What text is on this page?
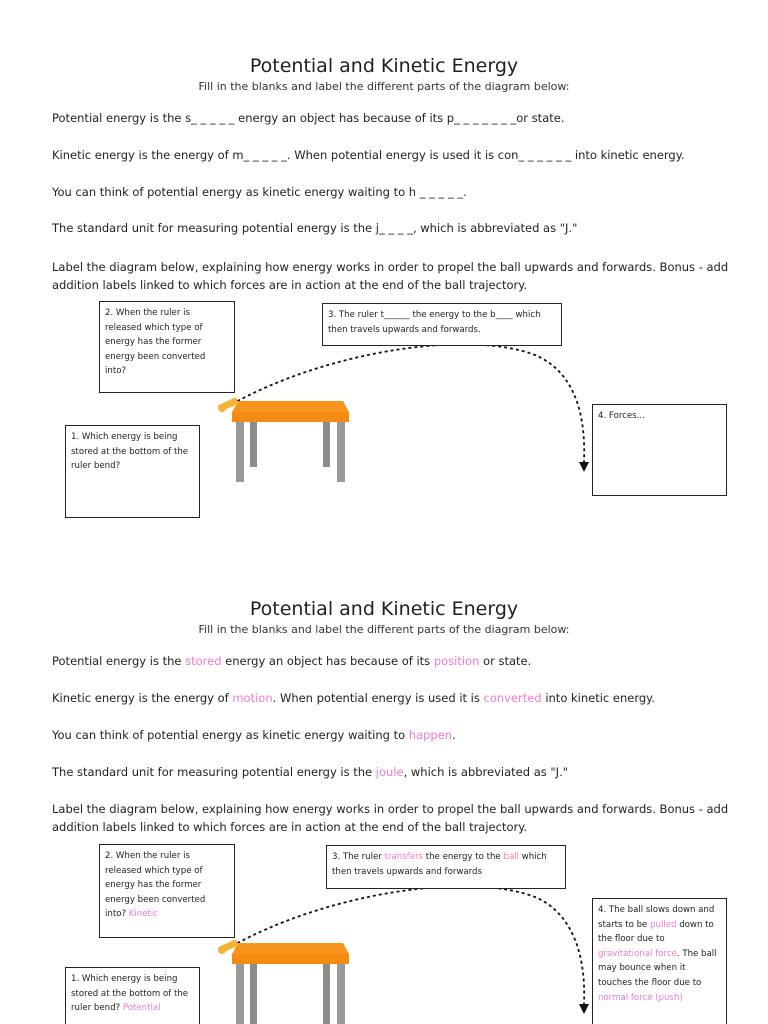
Potential and Kinetic Energy
Fill in the blanks and label the different parts of the diagram below:
Potential energy is the s_ _ _ _ _ energy an object has because of its p_ _ _ _ _ _ _or state.
Kinetic energy is the energy of m_ _ _ _ _. When potential energy is used it is con_ _ _ _ _ _ into kinetic energy.
You can think of potential energy as kinetic energy waiting to h _ _ _ _ _.
The standard unit for measuring potential energy is the j_ _ _ _, which is abbreviated as "J."
Label the diagram below, explaining how energy works in order to propel the ball upwards and forwards. Bonus - add addition labels linked to which forces are in action at the end of the ball trajectory.
2. When the ruler is released which type of energy has the former energy been converted into?
3. The ruler t______ the energy to the b____ which then travels upwards and forwards.
1. Which energy is being stored at the bottom of the ruler bend?
4. Forces...
Potential and Kinetic Energy
Fill in the blanks and label the different parts of the diagram below:
Potential energy is the stored energy an object has because of its position or state.
Kinetic energy is the energy of motion. When potential energy is used it is converted into kinetic energy.
You can think of potential energy as kinetic energy waiting to happen.
The standard unit for measuring potential energy is the joule, which is abbreviated as "J."
Label the diagram below, explaining how energy works in order to propel the ball upwards and forwards. Bonus - add addition labels linked to which forces are in action at the end of the ball trajectory.
2. When the ruler is released which type of energy has the former energy been converted into? Kinetic
3. The ruler transfers the energy to the ball which then travels upwards and forwards
1. Which energy is being stored at the bottom of the ruler bend? Potential
4. The ball slows down and starts to be pulled down to the floor due to gravitational force. The ball may bounce when it touches the floor due to normal force (push)
